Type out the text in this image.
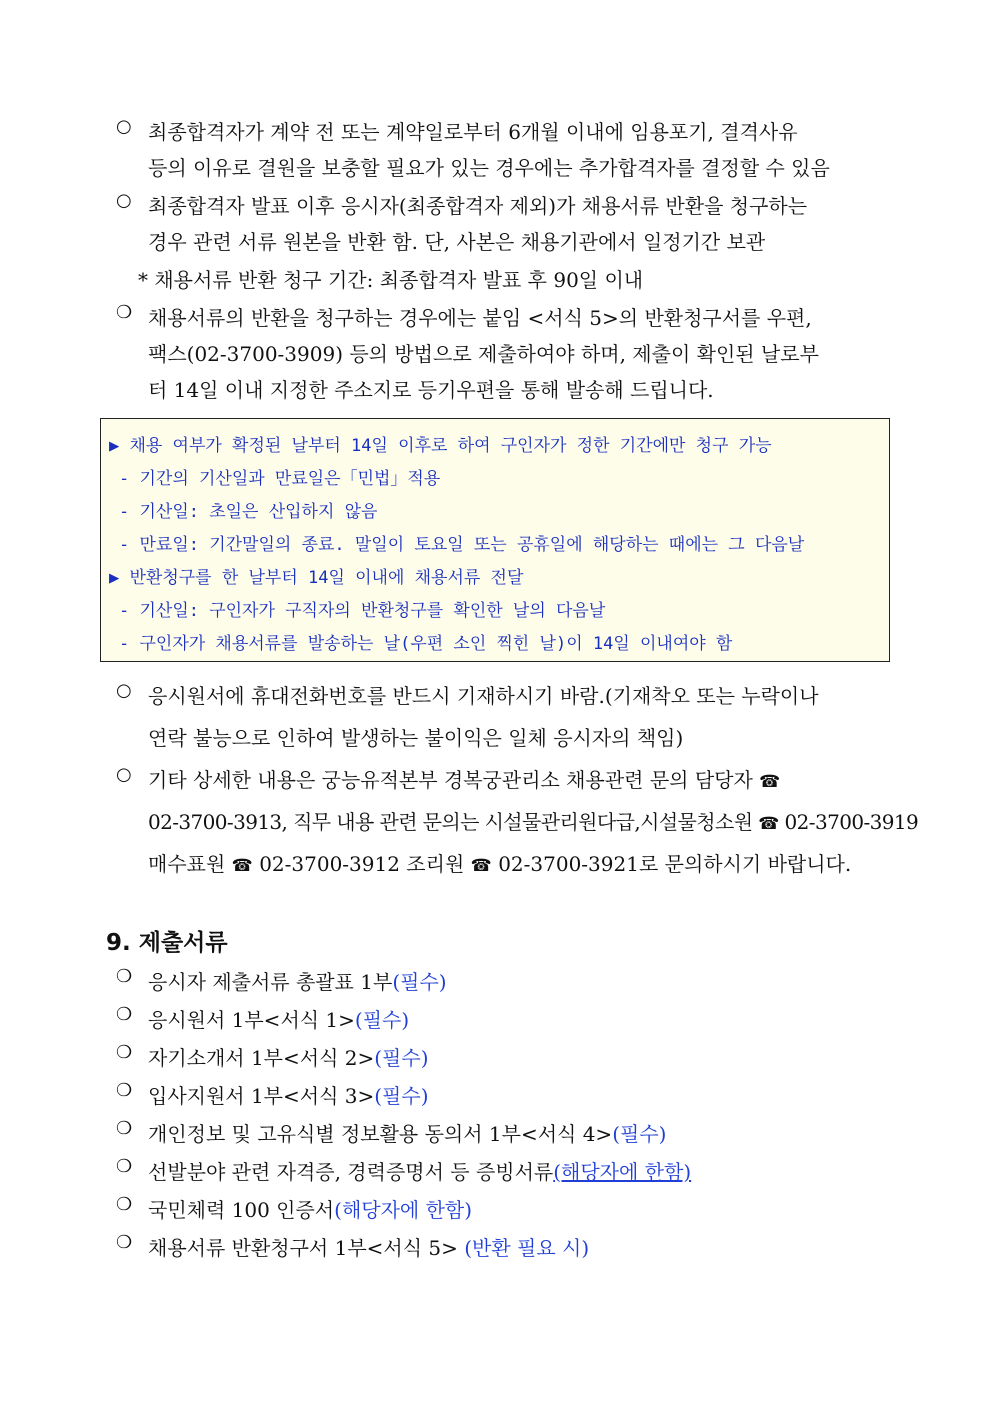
○ 최종합격자가 계약 전 또는 계약일로부터 6개월 이내에 임용포기, 결격사유
등의 이유로 결원을 보충할 필요가 있는 경우에는 추가합격자를 결정할 수 있음
○ 최종합격자 발표 이후 응시자(최종합격자 제외)가 채용서류 반환을 청구하는
경우 관련 서류 원본을 반환 함. 단, 사본은 채용기관에서 일정기간 보관
* 채용서류 반환 청구 기간: 최종합격자 발표 후 90일 이내
❍ 채용서류의 반환을 청구하는 경우에는 붙임 <서식 5>의 반환청구서를 우편,
팩스(02-3700-3909) 등의 방법으로 제출하여야 하며, 제출이 확인된 날로부
터 14일 이내 지정한 주소지로 등기우편을 통해 발송해 드립니다.
▶ 채용 여부가 확정된 날부터 14일 이후로 하여 구인자가 정한 기간에만 청구 가능
- 기간의 기산일과 만료일은「민법」적용
- 기산일: 초일은 산입하지 않음
- 만료일: 기간말일의 종료. 말일이 토요일 또는 공휴일에 해당하는 때에는 그 다음날
▶ 반환청구를 한 날부터 14일 이내에 채용서류 전달
- 기산일: 구인자가 구직자의 반환청구를 확인한 날의 다음날
- 구인자가 채용서류를 발송하는 날(우편 소인 찍힌 날)이 14일 이내여야 함
○ 응시원서에 휴대전화번호를 반드시 기재하시기 바람.(기재착오 또는 누락이나
연락 불능으로 인하여 발생하는 불이익은 일체 응시자의 책임)
○ 기타 상세한 내용은 궁능유적본부 경복궁관리소 채용관련 문의 담당자 ☎
02-3700-3913, 직무 내용 관련 문의는 시설물관리원다급,시설물청소원 ☎ 02-3700-3919
매수표원 ☎ 02-3700-3912 조리원 ☎ 02-3700-3921로 문의하시기 바랍니다.
9. 제출서류
❍ 응시자 제출서류 총괄표 1부(필수)
❍ 응시원서 1부<서식 1>(필수)
❍ 자기소개서 1부<서식 2>(필수)
❍ 입사지원서 1부<서식 3>(필수)
❍ 개인정보 및 고유식별 정보활용 동의서 1부<서식 4>(필수)
❍ 선발분야 관련 자격증, 경력증명서 등 증빙서류(해당자에 한함)
❍ 국민체력 100 인증서(해당자에 한함)
❍ 채용서류 반환청구서 1부<서식 5> (반환 필요 시)
